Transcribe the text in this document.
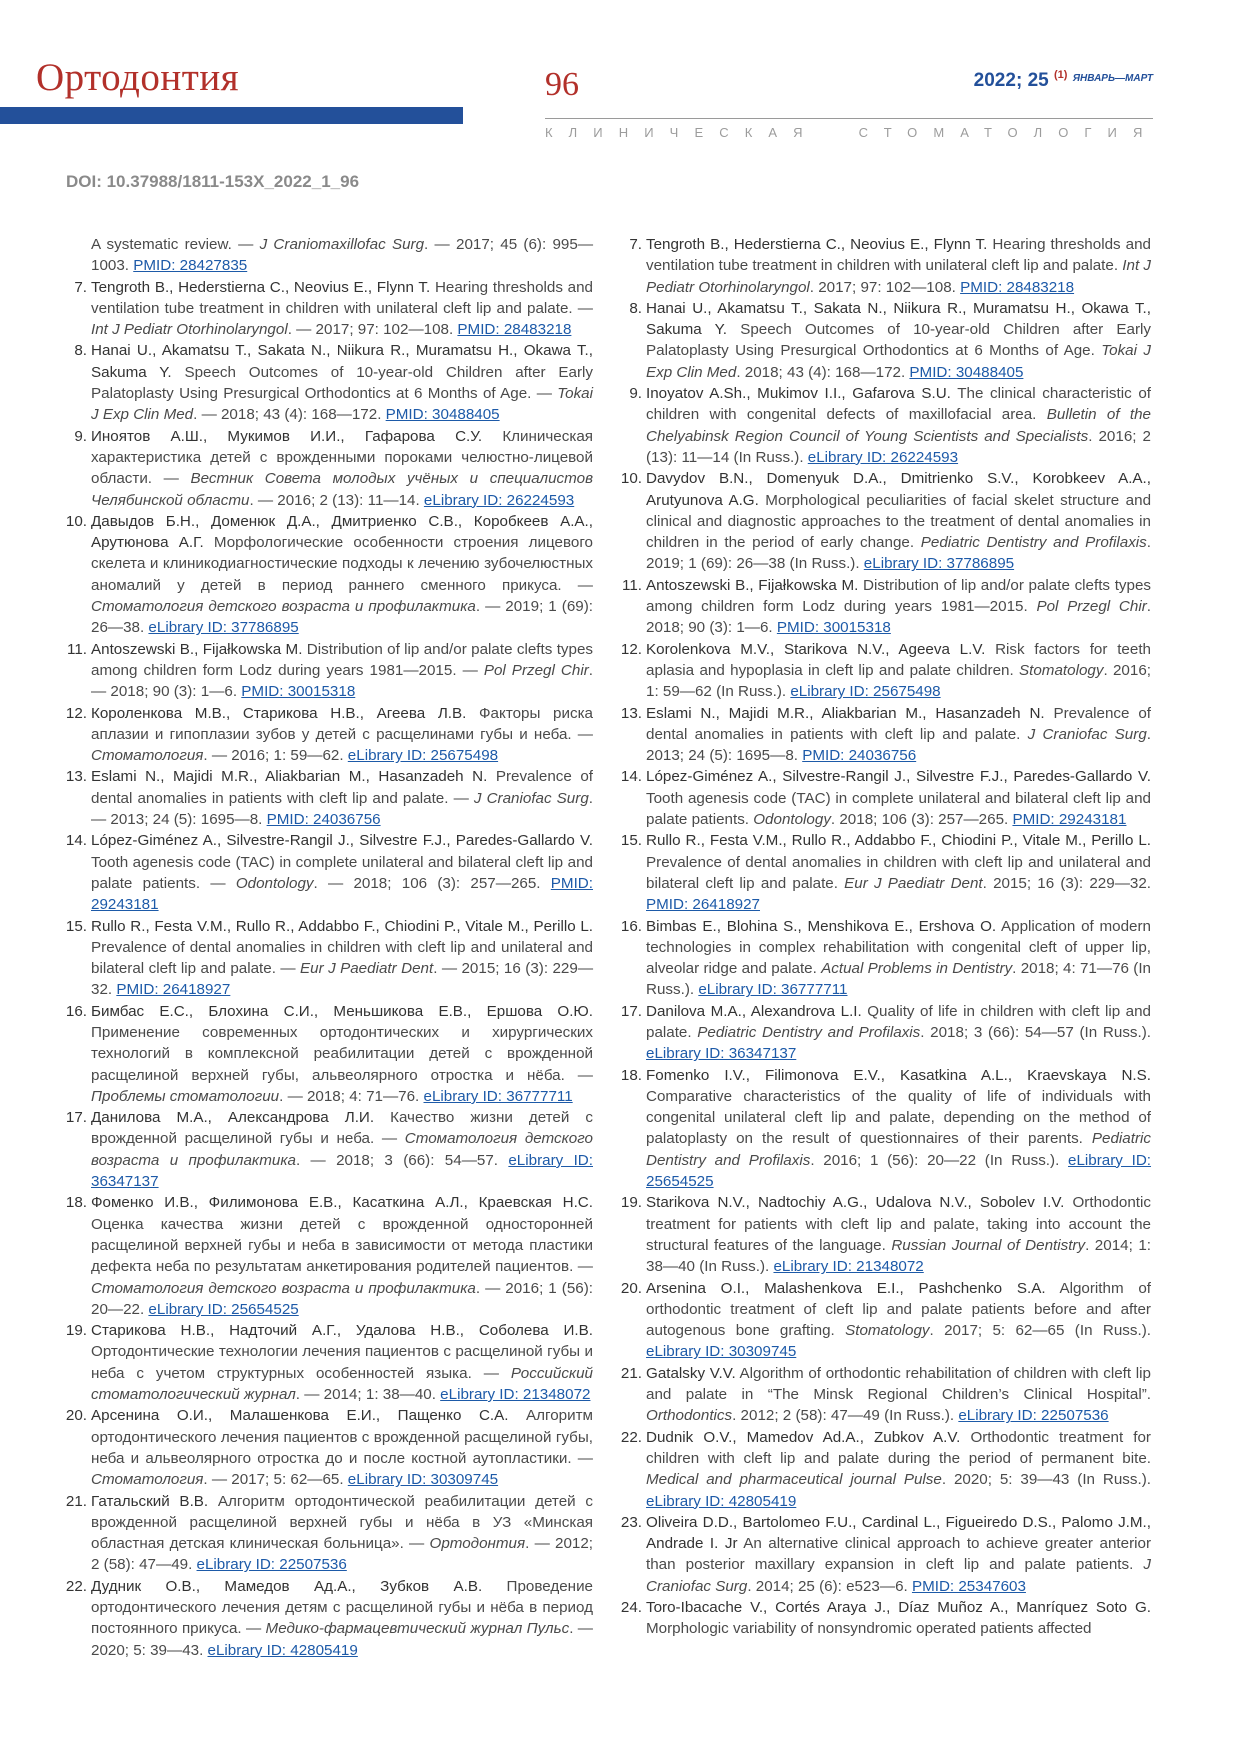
Ортодонтия	96	2022; 25 $^{(1)}$ $^{ЯНВАРЬ—МАРТ}$
КЛИНИЧЕСКАЯ	СТОМАТОЛОГИЯ
DOI: 10.37988/1811-153X_2022_1_96
A systematic review. — J Craniomaxillofac Surg. — 2017; 45 (6): 995—1003. PMID: 28427835
7. Tengroth B., Hederstierna C., Neovius E., Flynn T. Hearing thresholds and ventilation tube treatment in children with unilateral cleft lip and palate. — Int J Pediatr Otorhinolaryngol. — 2017; 97: 102—108. PMID: 28483218
8. Hanai U., Akamatsu T., Sakata N., Niikura R., Muramatsu H., Okawa T., Sakuma Y. Speech Outcomes of 10-year-old Children after Early Palatoplasty Using Presurgical Orthodontics at 6 Months of Age. — Tokai J Exp Clin Med. — 2018; 43 (4): 168—172. PMID: 30488405
9. Иноятов А.Ш., Мукимов И.И., Гафарова С.У. Клиническая характеристика детей с врожденными пороками челюстно-лицевой области. — Вестник Совета молодых учёных и специалистов Челябинской области. — 2016; 2 (13): 11—14. eLibrary ID: 26224593
10. Давыдов Б.Н., Доменюк Д.А., Дмитриенко С.В., Коробкеев А.А., Арутюнова А.Г. Морфологические особенности строения лицевого скелета и клиникодиагностические подходы к лечению зубочелюстных аномалий у детей в период раннего сменного прикуса. — Стоматология детского возраста и профилактика. — 2019; 1 (69): 26—38. eLibrary ID: 37786895
11. Antoszewski B., Fijałkowska M. Distribution of lip and/or palate clefts types among children form Lodz during years 1981—2015. — Pol Przegl Chir. — 2018; 90 (3): 1—6. PMID: 30015318
12. Короленкова М.В., Старикова Н.В., Агеева Л.В. Факторы риска аплазии и гипоплазии зубов у детей с расщелинами губы и неба. — Стоматология. — 2016; 1: 59—62. eLibrary ID: 25675498
13. Eslami N., Majidi M.R., Aliakbarian M., Hasanzadeh N. Prevalence of dental anomalies in patients with cleft lip and palate. — J Craniofac Surg. — 2013; 24 (5): 1695—8. PMID: 24036756
14. López-Giménez A., Silvestre-Rangil J., Silvestre F.J., Paredes-Gallardo V. Tooth agenesis code (TAC) in complete unilateral and bilateral cleft lip and palate patients. — Odontology. — 2018; 106 (3): 257—265. PMID: 29243181
15. Rullo R., Festa V.M., Rullo R., Addabbo F., Chiodini P., Vitale M., Perillo L. Prevalence of dental anomalies in children with cleft lip and unilateral and bilateral cleft lip and palate. — Eur J Paediatr Dent. — 2015; 16 (3): 229—32. PMID: 26418927
16. Бимбас Е.С., Блохина С.И., Меньшикова Е.В., Ершова О.Ю. Применение современных ортодонтических и хирургических технологий в комплексной реабилитации детей с врожденной расщелиной верхней губы, альвеолярного отростка и нёба. — Проблемы стоматологии. — 2018; 4: 71—76. eLibrary ID: 36777711
17. Данилова М.А., Александрова Л.И. Качество жизни детей с врожденной расщелиной губы и неба. — Стоматология детского возраста и профилактика. — 2018; 3 (66): 54—57. eLibrary ID: 36347137
18. Фоменко И.В., Филимонова Е.В., Касаткина А.Л., Краевская Н.С. Оценка качества жизни детей с врожденной односторонней расщелиной верхней губы и неба в зависимости от метода пластики дефекта неба по результатам анкетирования родителей пациентов. — Стоматология детского возраста и профилактика. — 2016; 1 (56): 20—22. eLibrary ID: 25654525
19. Старикова Н.В., Надточий А.Г., Удалова Н.В., Соболева И.В. Ортодонтические технологии лечения пациентов с расщелиной губы и неба с учетом структурных особенностей языка. — Российский стоматологический журнал. — 2014; 1: 38—40. eLibrary ID: 21348072
20. Арсенина О.И., Малашенкова Е.И., Пащенко С.А. Алгоритм ортодонтического лечения пациентов с врожденной расщелиной губы, неба и альвеолярного отростка до и после костной аутопластики. — Стоматология. — 2017; 5: 62—65. eLibrary ID: 30309745
21. Гатальский В.В. Алгоритм ортодонтической реабилитации детей с врожденной расщелиной верхней губы и нёба в УЗ «Минская областная детская клиническая больница». — Ортодонтия. — 2012; 2 (58): 47—49. eLibrary ID: 22507536
22. Дудник О.В., Мамедов Ад.А., Зубков А.В. Проведение ортодонтического лечения детям с расщелиной губы и нёба в период постоянного прикуса. — Медико-фармацевтический журнал Пульс. — 2020; 5: 39—43. eLibrary ID: 42805419
7. Tengroth B., Hederstierna C., Neovius E., Flynn T. Hearing thresholds and ventilation tube treatment in children with unilateral cleft lip and palate. Int J Pediatr Otorhinolaryngol. 2017; 97: 102—108. PMID: 28483218
8. Hanai U., Akamatsu T., Sakata N., Niikura R., Muramatsu H., Okawa T., Sakuma Y. Speech Outcomes of 10-year-old Children after Early Palatoplasty Using Presurgical Orthodontics at 6 Months of Age. Tokai J Exp Clin Med. 2018; 43 (4): 168—172. PMID: 30488405
9. Inoyatov A.Sh., Mukimov I.I., Gafarova S.U. The clinical characteristic of children with congenital defects of maxillofacial area. Bulletin of the Chelyabinsk Region Council of Young Scientists and Specialists. 2016; 2 (13): 11—14 (In Russ.). eLibrary ID: 26224593
10. Davydov B.N., Domenyuk D.A., Dmitrienko S.V., Korobkeev A.A., Arutyunova A.G. Morphological peculiarities of facial skelet structure and clinical and diagnostic approaches to the treatment of dental anomalies in children in the period of early change. Pediatric Dentistry and Profilaxis. 2019; 1 (69): 26—38 (In Russ.). eLibrary ID: 37786895
11. Antoszewski B., Fijałkowska M. Distribution of lip and/or palate clefts types among children form Lodz during years 1981—2015. Pol Przegl Chir. 2018; 90 (3): 1—6. PMID: 30015318
12. Korolenkova M.V., Starikova N.V., Ageeva L.V. Risk factors for teeth aplasia and hypoplasia in cleft lip and palate children. Stomatology. 2016; 1: 59—62 (In Russ.). eLibrary ID: 25675498
13. Eslami N., Majidi M.R., Aliakbarian M., Hasanzadeh N. Prevalence of dental anomalies in patients with cleft lip and palate. J Craniofac Surg. 2013; 24 (5): 1695—8. PMID: 24036756
14. López-Giménez A., Silvestre-Rangil J., Silvestre F.J., Paredes-Gallardo V. Tooth agenesis code (TAC) in complete unilateral and bilateral cleft lip and palate patients. Odontology. 2018; 106 (3): 257—265. PMID: 29243181
15. Rullo R., Festa V.M., Rullo R., Addabbo F., Chiodini P., Vitale M., Perillo L. Prevalence of dental anomalies in children with cleft lip and unilateral and bilateral cleft lip and palate. Eur J Paediatr Dent. 2015; 16 (3): 229—32. PMID: 26418927
16. Bimbas E., Blohina S., Menshikova E., Ershova O. Application of modern technologies in complex rehabilitation with congenital cleft of upper lip, alveolar ridge and palate. Actual Problems in Dentistry. 2018; 4: 71—76 (In Russ.). eLibrary ID: 36777711
17. Danilova M.A., Alexandrova L.I. Quality of life in children with cleft lip and palate. Pediatric Dentistry and Profilaxis. 2018; 3 (66): 54—57 (In Russ.). eLibrary ID: 36347137
18. Fomenko I.V., Filimonova E.V., Kasatkina A.L., Kraevskaya N.S. Comparative characteristics of the quality of life of individuals with congenital unilateral cleft lip and palate, depending on the method of palatoplasty on the result of questionnaires of their parents. Pediatric Dentistry and Profilaxis. 2016; 1 (56): 20—22 (In Russ.). eLibrary ID: 25654525
19. Starikova N.V., Nadtochiy A.G., Udalova N.V., Sobolev I.V. Orthodontic treatment for patients with cleft lip and palate, taking into account the structural features of the language. Russian Journal of Dentistry. 2014; 1: 38—40 (In Russ.). eLibrary ID: 21348072
20. Arsenina O.I., Malashenkova E.I., Pashchenko S.A. Algorithm of orthodontic treatment of cleft lip and palate patients before and after autogenous bone grafting. Stomatology. 2017; 5: 62—65 (In Russ.). eLibrary ID: 30309745
21. Gatalsky V.V. Algorithm of orthodontic rehabilitation of children with cleft lip and palate in “The Minsk Regional Children’s Clinical Hospital”. Orthodontics. 2012; 2 (58): 47—49 (In Russ.). eLibrary ID: 22507536
22. Dudnik O.V., Mamedov Ad.A., Zubkov A.V. Orthodontic treatment for children with cleft lip and palate during the period of permanent bite. Medical and pharmaceutical journal Pulse. 2020; 5: 39—43 (In Russ.). eLibrary ID: 42805419
23. Oliveira D.D., Bartolomeo F.U., Cardinal L., Figueiredo D.S., Palomo J.M., Andrade I. Jr An alternative clinical approach to achieve greater anterior than posterior maxillary expansion in cleft lip and palate patients. J Craniofac Surg. 2014; 25 (6): e523—6. PMID: 25347603
24. Toro-Ibacache V., Cortés Araya J., Díaz Muñoz A., Manríquez Soto G. Morphologic variability of nonsyndromic operated patients affected
